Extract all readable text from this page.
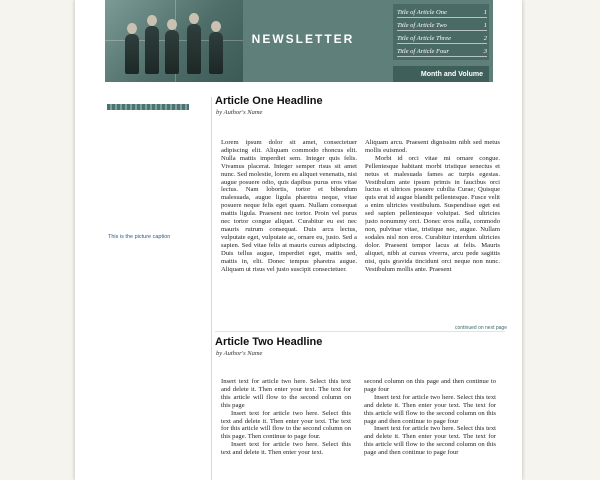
NEWSLETTER
Title of Article One	1
Title of Article Two	1
Title of Article Three	2
Title of Article Four	3
Month and Volume
This is the picture caption
Article One Headline
by Author's Name

Lorem ipsum dolor sit amet, consectetuer adipiscing elit. Aliquam commodo rhoncus elit. Nulla mattis imperdiet sem. Integer quis felis. Vivamus placerat. Integer semper risus sit amet nunc. Sed molestie, lorem eu aliquet venenatis, nisi augue posuere odio, quis dapibus purus eros vitae lectus. Nam lobortis, tortor et bibendum malesuada, augue ligula pharetra neque, vitae posuere neque felis eget quam. Nullam consequat mattis ligula. Praesent nec tortor. Proin vel purus nec tortor congue aliquet. Curabitur eu est nec mauris rutrum consequat. Duis arcu lectus, vulputate eget, vulputate ac, ornare eu, justo. Sed a sapien. Sed vitae felis at mauris cursus adipiscing. Duis tellus augue, imperdiet eget, mattis sed, mattis in, elit. Donec tempus pharetra augue. Aliquam ut risus vel justo suscipit consectetuer.

Aliquam arcu. Praesent dignissim nibh sed metus mollis euismod.

Morbi id orci vitae mi ornare congue. Pellentesque habitant morbi tristique senectus et netus et malesuada fames ac turpis egestas. Vestibulum ante ipsum primis in faucibus orci luctus et ultrices posuere cubilia Curae; Quisque quis erat id augue blandit pellentesque. Fusce velit a enim ultricies vestibulum. Suspendisse eget est sed sapien pellentesque volutpat. Sed ultricies justo nonummy orci. Donec eros nulla, commodo non, pulvinar vitae, tristique nec, augue. Nullam sodales nisl non eros. Curabitur interdum ultricies dolor. Praesent tempor lacus at felis. Mauris aliquet, nibh at cursus viverra, arcu pede sagittis nisi, quis gravida tincidunt orci neque non nunc. Vestibulum mollis ante. Praesent

continued on next page
Article Two Headline
by Author's Name

Insert text for article two here. Select this text and delete it. Then enter your text. The text for this article will flow to the second column on this page

Insert text for article two here. Select this text and delete it. Then enter your text. The text for this article will flow to the second column on this page. Then continue to page four.

Insert text for article two here. Select this text and delete it. Then enter your text.

second column on this page and then continue to page four

Insert text for article two here. Select this text and delete it. Then enter your text. The text for this article will flow to the second column on this page and then continue to page four

Insert text for article two here. Select this text and delete it. Then enter your text. The text for this article will flow to the second column on this page and then continue to page four
